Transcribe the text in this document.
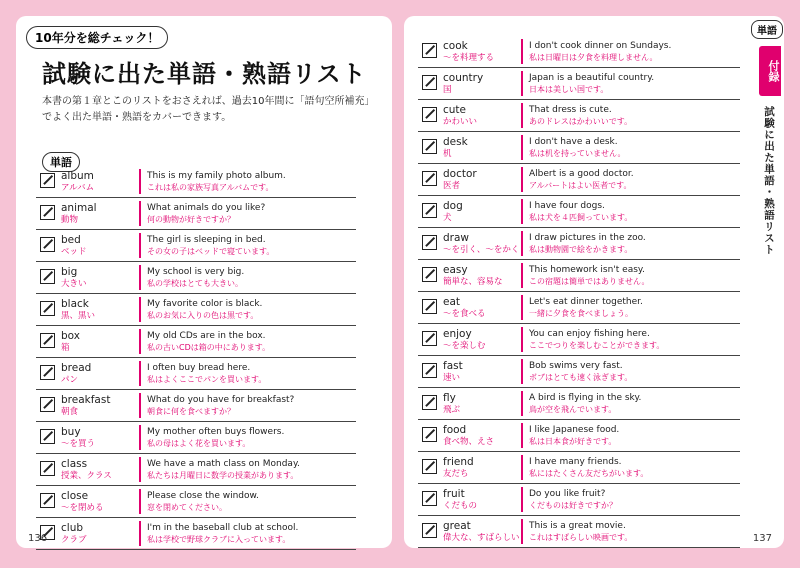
10年分を総チェック！
試験に出た単語・熟語リスト
本書の第１章とこのリストをおさえれば、過去10年間に「語句空所補充」でよく出た単語・熟語をカバーできます。
単語
album
アルバム
This is my family photo album.
これは私の家族写真アルバムです。
animal
動物
What animals do you like?
何の動物が好きですか？
bed
ベッド
The girl is sleeping in bed.
その女の子はベッドで寝ています。
big
大きい
My school is very big.
私の学校はとても大きい。
black
黒、黒い
My favorite color is black.
私のお気に入りの色は黒です。
box
箱
My old CDs are in the box.
私の古いCDは箱の中にあります。
bread
パン
I often buy bread here.
私はよくここでパンを買います。
breakfast
朝食
What do you have for breakfast?
朝食に何を食べますか？
buy
〜を買う
My mother often buys flowers.
私の母はよく花を買います。
class
授業、クラス
We have a math class on Monday.
私たちは月曜日に数学の授業があります。
close
〜を閉める
Please close the window.
窓を閉めてください。
club
クラブ
I'm in the baseball club at school.
私は学校で野球クラブに入っています。
136
cook
〜を料理する
I don't cook dinner on Sundays.
私は日曜日は夕食を料理しません。
country
国
Japan is a beautiful country.
日本は美しい国です。
cute
かわいい
That dress is cute.
あのドレスはかわいいです。
desk
机
I don't have a desk.
私は机を持っていません。
doctor
医者
Albert is a good doctor.
アルバートはよい医者です。
dog
犬
I have four dogs.
私は犬を４匹飼っています。
draw
〜を引く、〜をかく
I draw pictures in the zoo.
私は動物園で絵をかきます。
easy
簡単な、容易な
This homework isn't easy.
この宿題は簡単ではありません。
eat
〜を食べる
Let's eat dinner together.
一緒に夕食を食べましょう。
enjoy
〜を楽しむ
You can enjoy fishing here.
ここでつりを楽しむことができます。
fast
速い
Bob swims very fast.
ボブはとても速く泳ぎます。
fly
飛ぶ
A bird is flying in the sky.
鳥が空を飛んでいます。
food
食べ物、えさ
I like Japanese food.
私は日本食が好きです。
friend
友だち
I have many friends.
私にはたくさん友だちがいます。
fruit
くだもの
Do you like fruit?
くだものは好きですか？
great
偉大な、すばらしい
This is a great movie.
これはすばらしい映画です。
単語
付録
試験に出た単語・熟語リスト
137
